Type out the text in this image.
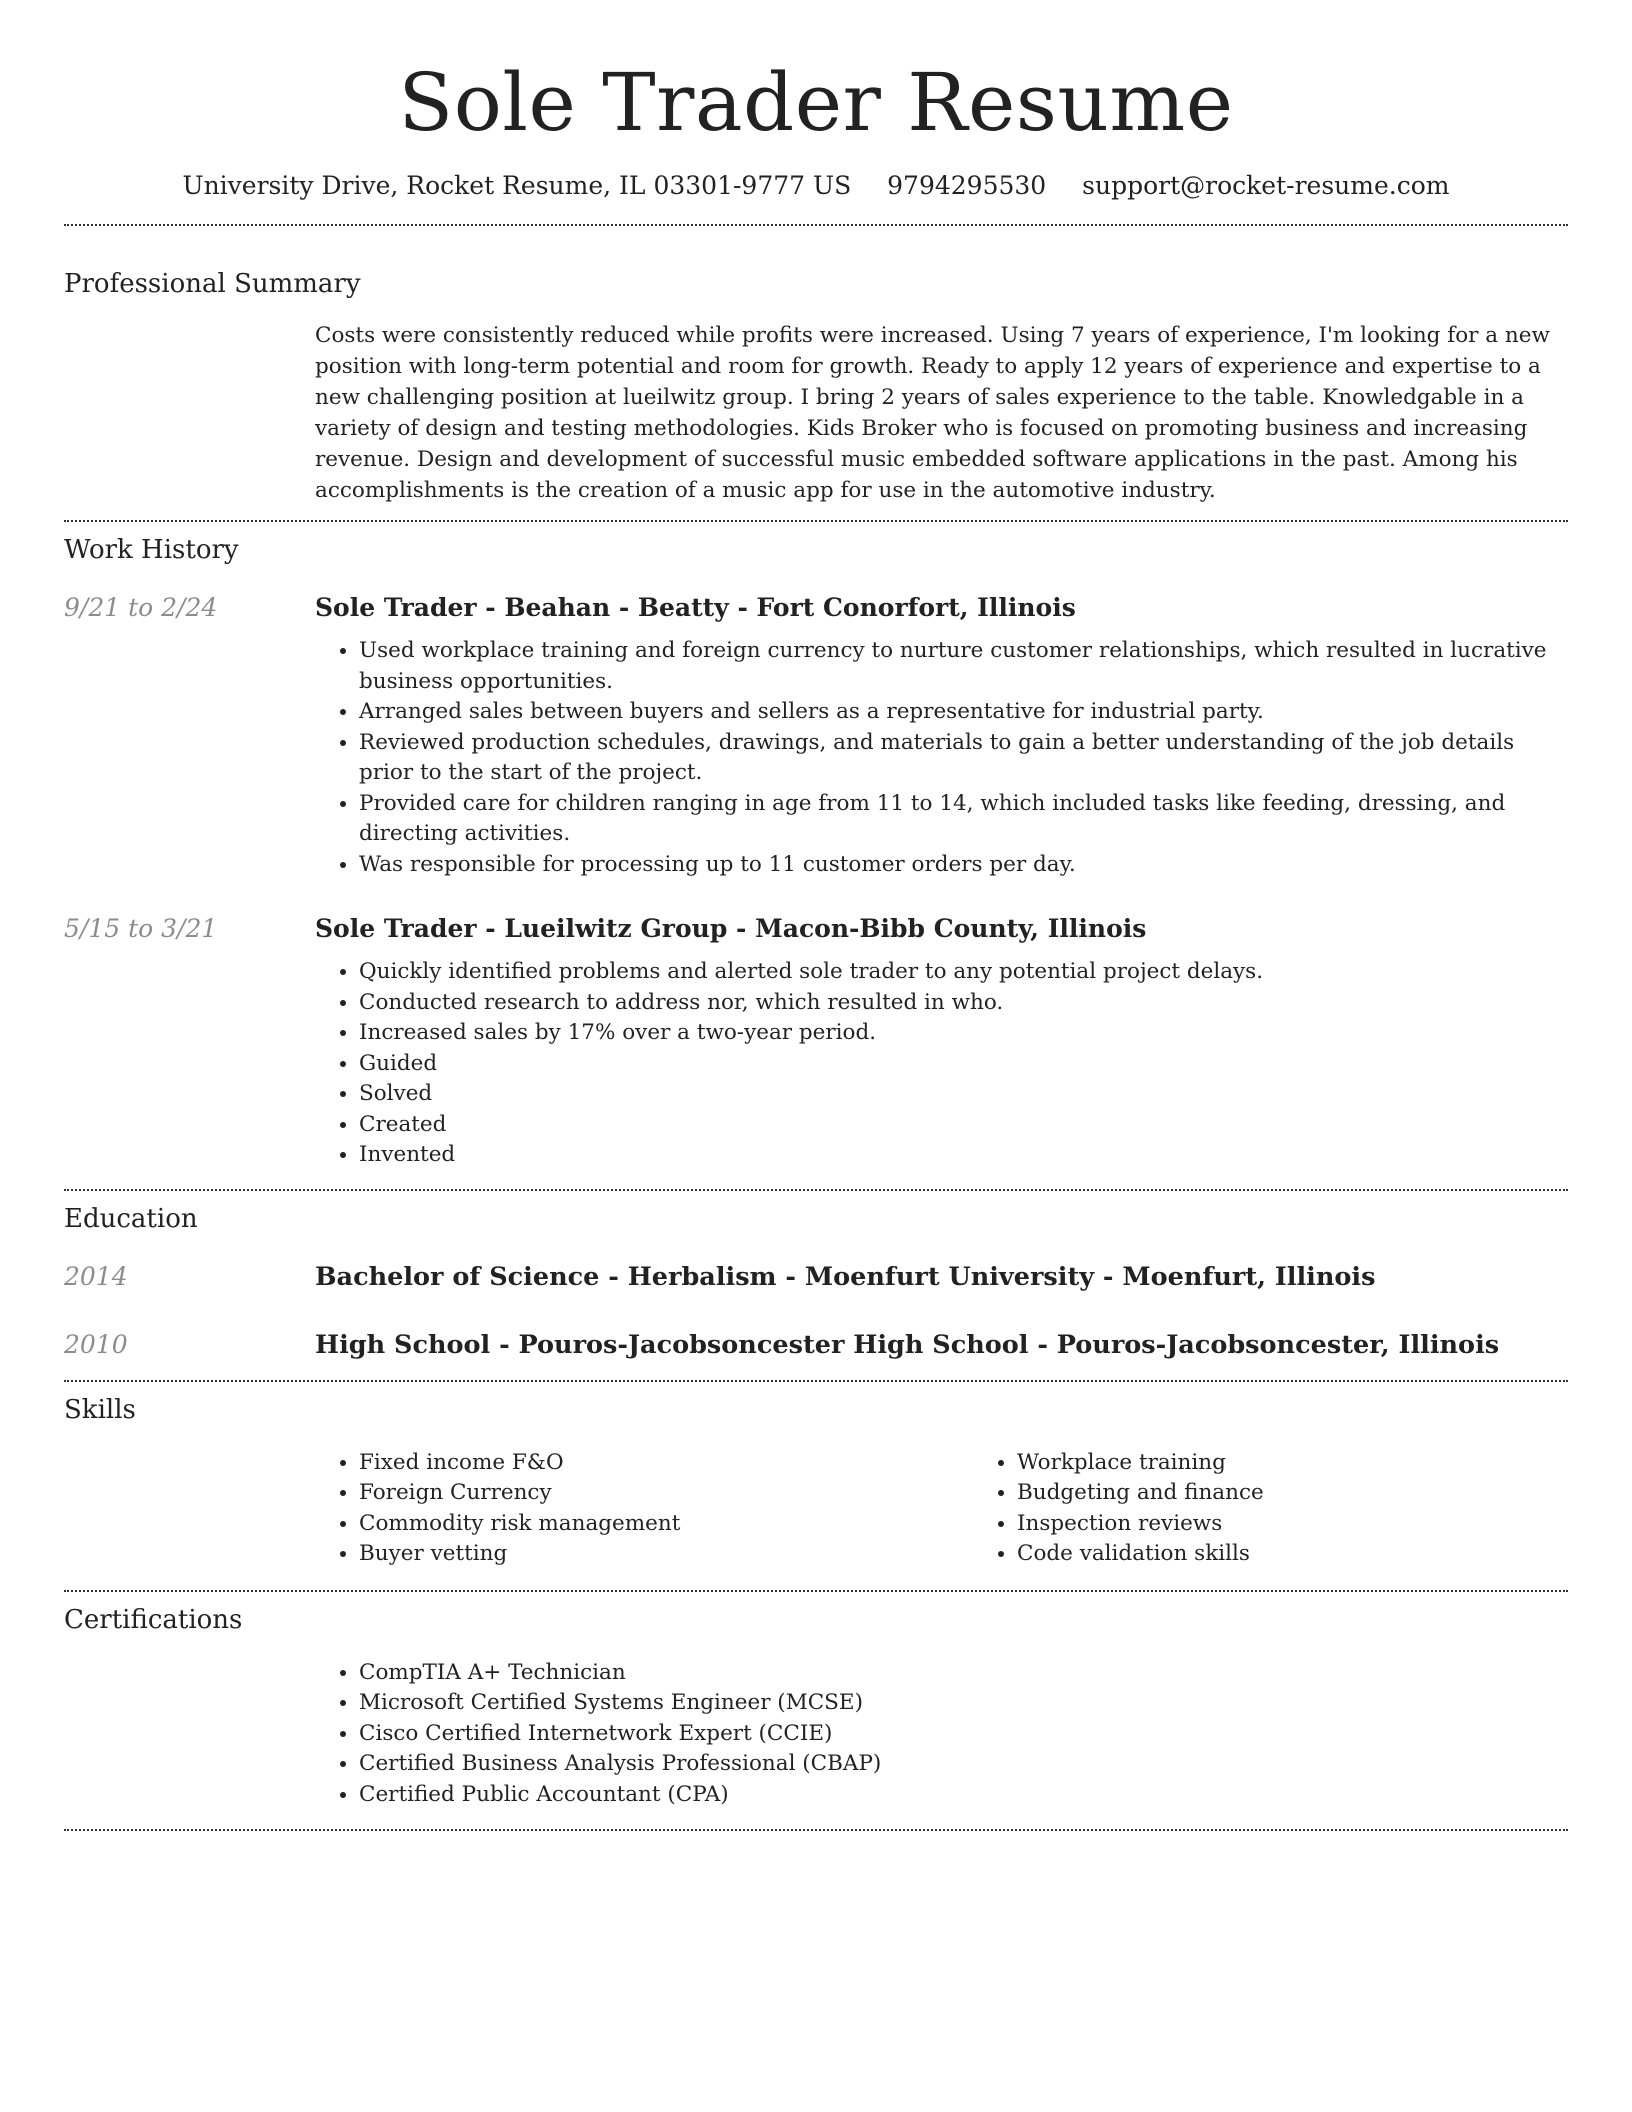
Sole Trader Resume
University Drive, Rocket Resume, IL 03301-9777 US 9794295530 support@rocket-resume.com
Professional Summary

Costs were consistently reduced while profits were increased. Using 7 years of experience, I'm looking for a new position with long-term potential and room for growth. Ready to apply 12 years of experience and expertise to a new challenging position at lueilwitz group. I bring 2 years of sales experience to the table. Knowledgable in a variety of design and testing methodologies. Kids Broker who is focused on promoting business and increasing revenue. Design and development of successful music embedded software applications in the past. Among his accomplishments is the creation of a music app for use in the automotive industry.

Work History
9/21 to 2/24	Sole Trader - Beahan - Beatty - Fort Conorfort, Illinois
• Used workplace training and foreign currency to nurture customer relationships, which resulted in lucrative business opportunities.
• Arranged sales between buyers and sellers as a representative for industrial party.
• Reviewed production schedules, drawings, and materials to gain a better understanding of the job details prior to the start of the project.
• Provided care for children ranging in age from 11 to 14, which included tasks like feeding, dressing, and directing activities.
• Was responsible for processing up to 11 customer orders per day.
5/15 to 3/21	Sole Trader - Lueilwitz Group - Macon-Bibb County, Illinois
• Quickly identified problems and alerted sole trader to any potential project delays.
• Conducted research to address nor, which resulted in who.
• Increased sales by 17% over a two-year period.
• Guided
• Solved
• Created
• Invented
Education
2014	Bachelor of Science - Herbalism - Moenfurt University - Moenfurt, Illinois
2010	High School - Pouros-Jacobsoncester High School - Pouros-Jacobsoncester, Illinois
Skills
• Fixed income F&O
• Foreign Currency
• Commodity risk management
• Buyer vetting
• Workplace training
• Budgeting and finance
• Inspection reviews
• Code validation skills
Certifications
• CompTIA A+ Technician
• Microsoft Certified Systems Engineer (MCSE)
• Cisco Certified Internetwork Expert (CCIE)
• Certified Business Analysis Professional (CBAP)
• Certified Public Accountant (CPA)
